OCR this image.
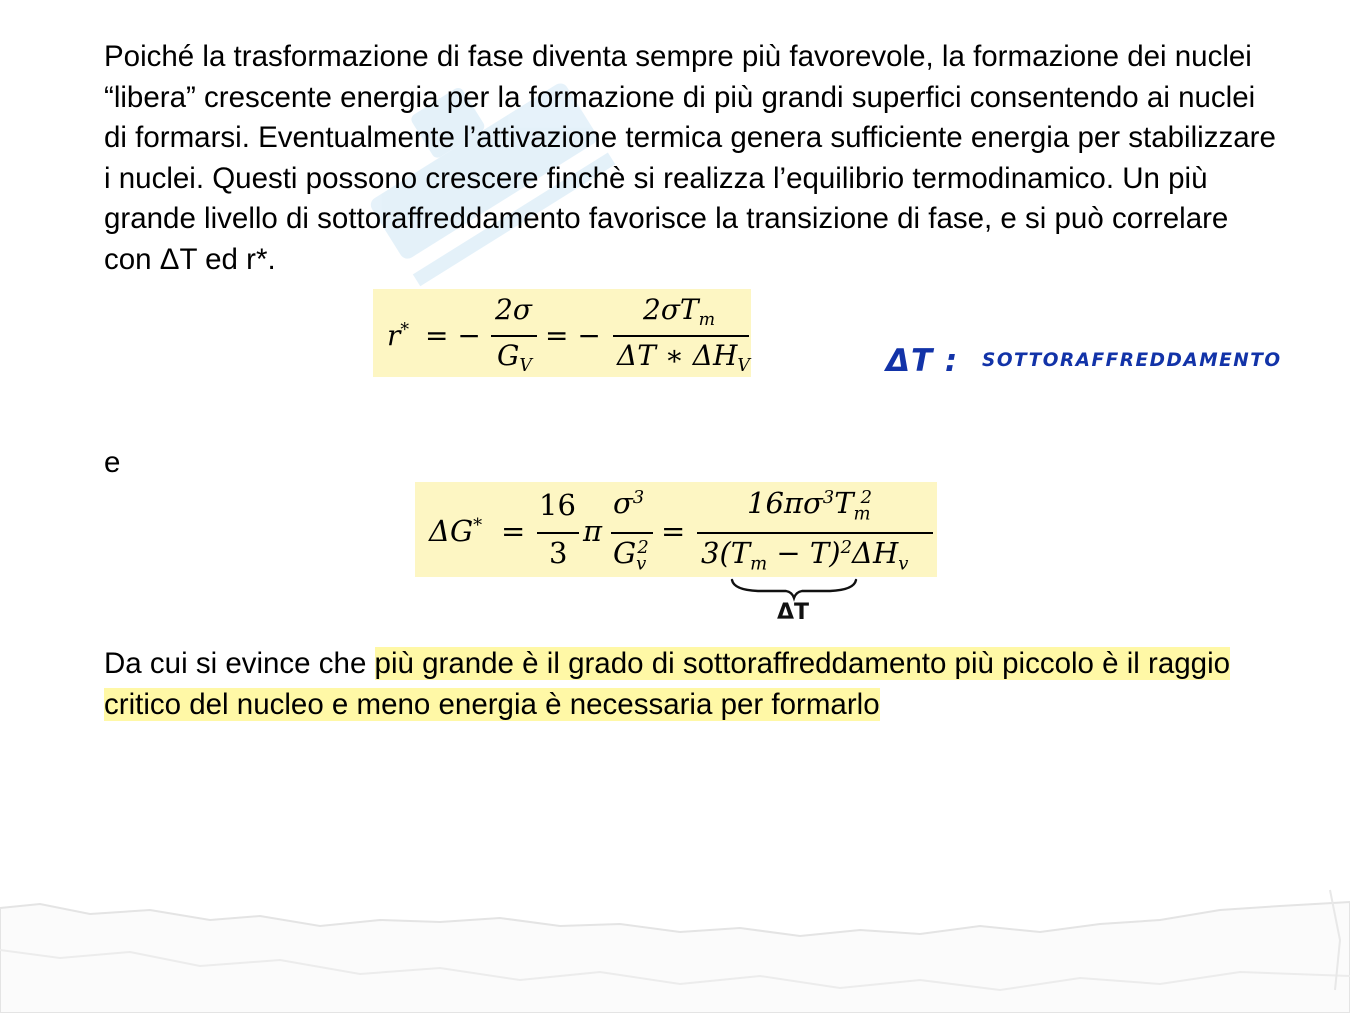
Poiché la trasformazione di fase diventa sempre più favorevole, la formazione dei nuclei “libera” crescente energia per la formazione di più grandi superfici consentendo ai nuclei di formarsi. Eventualmente l’attivazione termica genera sufficiente energia per stabilizzare i nuclei. Questi possono crescere finchè si realizza l’equilibrio termodinamico. Un più grande livello di sottoraffreddamento favorisce la transizione di fase, e si può correlare con ΔT ed r*.

r* = −
2σ
$G_V$
= −
$2\sigma T_m$
ΔT ∗ $\Delta H_V$	ΔT : SOTTORAFFREDDAMENTO

e

ΔG* =
16
3
π
$\sigma^3$
$G_v^2$ =
$16\pi\sigma^3T_m^2$
$3(T_m - T)^2\Delta H_v$
ΔT

Da cui si evince che più grande è il grado di sottoraffreddamento più piccolo è il raggio critico del nucleo e meno energia è necessaria per formarlo
